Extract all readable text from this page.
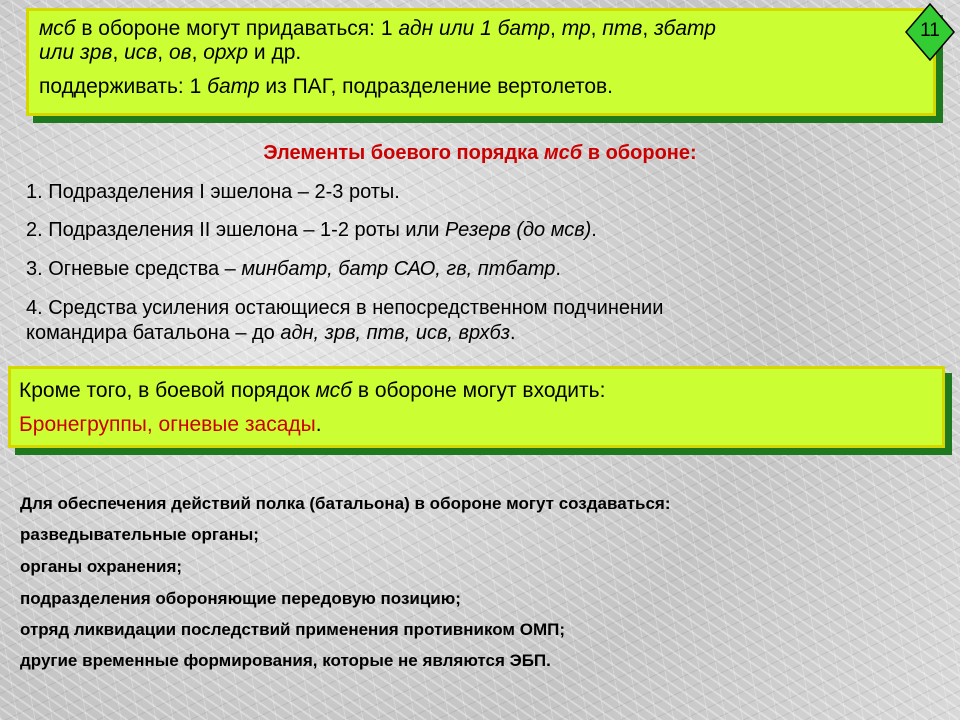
мсб в обороне могут придаваться: 1 адн или 1 батр, тр, птв, збатр
или зрв, исв, ов, орхр и др.
поддерживать: 1 батр из ПАГ, подразделение вертолетов.
11
Элементы боевого порядка мсб в обороне:
1. Подразделения I эшелона – 2-3 роты.
2. Подразделения II эшелона – 1-2 роты или Резерв (до мсв).
3. Огневые средства – минбатр, батр САО, гв, птбатр.
4. Средства усиления остающиеся в непосредственном подчинении
командира батальона – до адн, зрв, птв, исв, врхбз.
Кроме того, в боевой порядок мсб в обороне могут входить:
Бронегруппы, огневые засады.
Для обеспечения действий полка (батальона) в обороне могут создаваться:
разведывательные органы;
органы охранения;
подразделения обороняющие передовую позицию;
отряд ликвидации последствий применения противником ОМП;
другие временные формирования, которые не являются ЭБП.
